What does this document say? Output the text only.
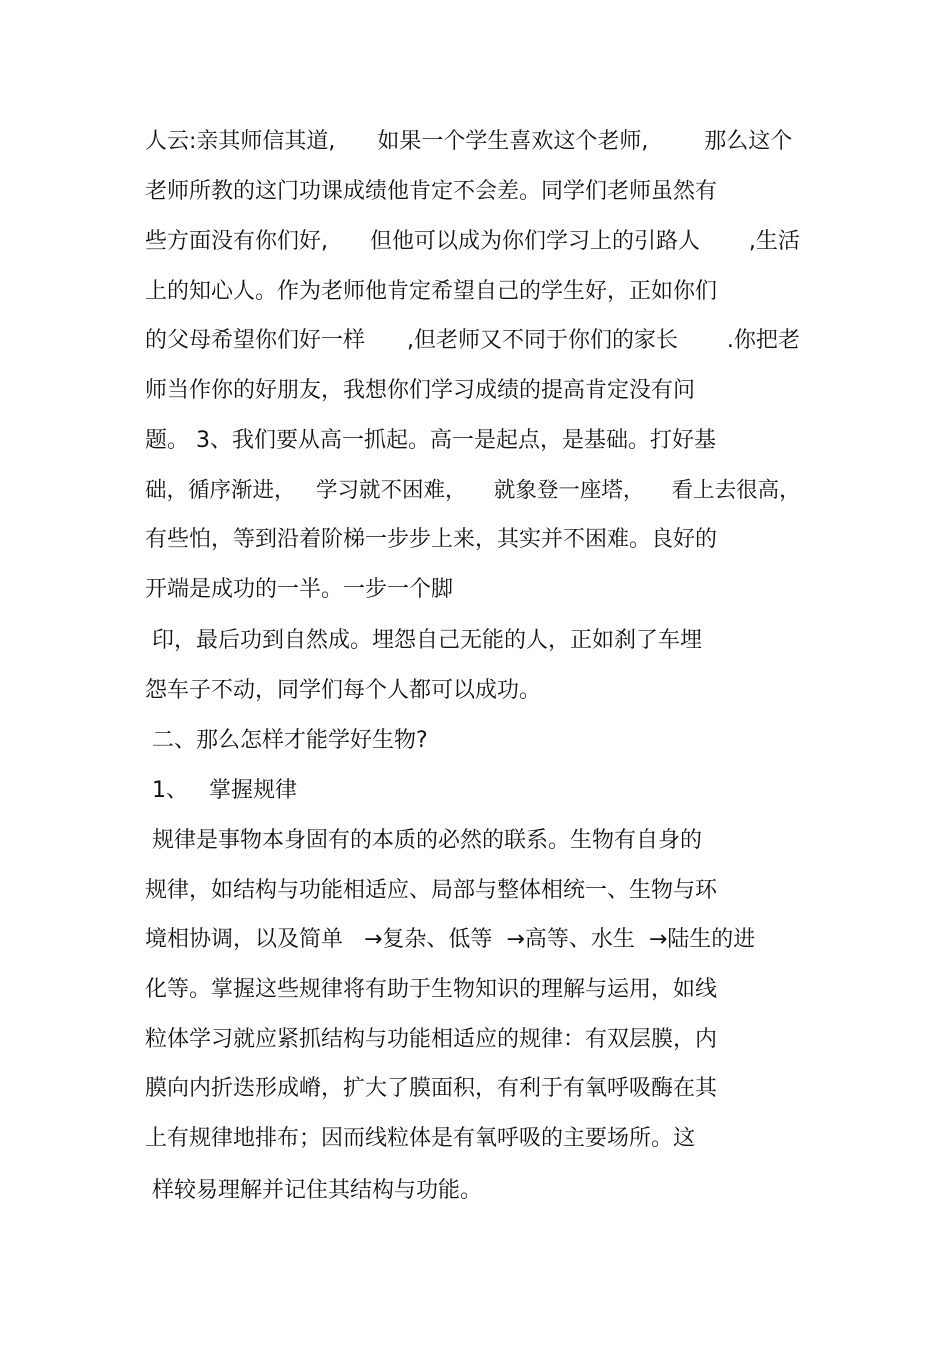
人云:亲其师信其道,      如果一个学生喜欢这个老师,        那么这个

老师所教的这门功课成绩他肯定不会差。同学们老师虽然有

些方面没有你们好,      但他可以成为你们学习上的引路人       ,生活

上的知心人。作为老师他肯定希望自己的学生好，正如你们

的父母希望你们好一样      ,但老师又不同于你们的家长       .你把老

师当作你的好朋友，我想你们学习成绩的提高肯定没有问

题。 3、我们要从高一抓起。高一是起点，是基础。打好基

础，循序渐进，   学习就不困难，    就象登一座塔，    看上去很高，

有些怕，等到沿着阶梯一步步上来，其实并不困难。良好的

开端是成功的一半。一步一个脚

印，最后功到自然成。埋怨自己无能的人，正如刹了车埋

怨车子不动，同学们每个人都可以成功。

二、那么怎样才能学好生物?

1、   掌握规律

规律是事物本身固有的本质的必然的联系。生物有自身的

规律，如结构与功能相适应、局部与整体相统一、生物与环

境相协调，以及简单   →复杂、低等  →高等、水生  →陆生的进

化等。掌握这些规律将有助于生物知识的理解与运用，如线

粒体学习就应紧抓结构与功能相适应的规律：有双层膜，内

膜向内折迭形成嵴，扩大了膜面积，有利于有氧呼吸酶在其

上有规律地排布；因而线粒体是有氧呼吸的主要场所。这

样较易理解并记住其结构与功能。
